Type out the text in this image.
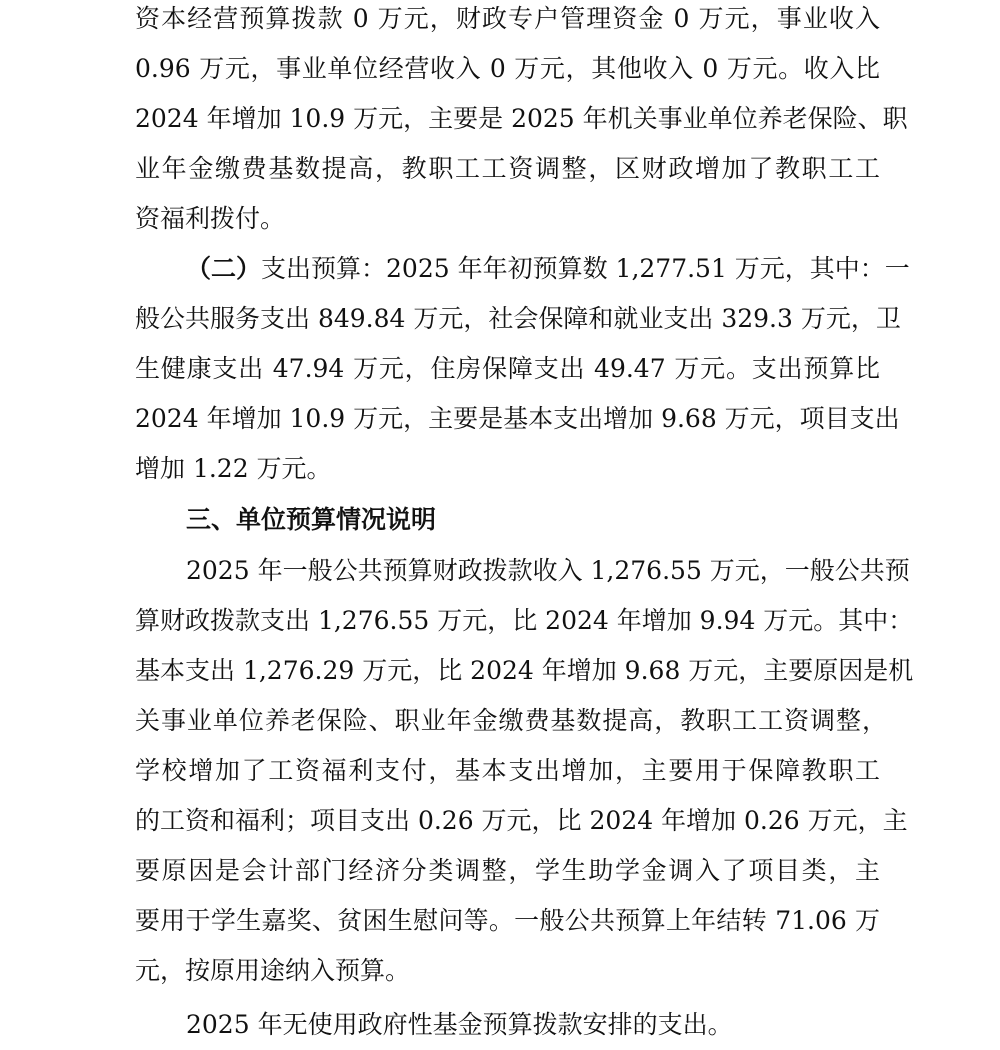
资本经营预算拨款 0 万元，财政专户管理资金 0 万元，事业收入
0.96 万元，事业单位经营收入 0 万元，其他收入 0 万元。收入比
2024 年增加 10.9 万元，主要是 2025 年机关事业单位养老保险、职
业年金缴费基数提高，教职工工资调整，区财政增加了教职工工
资福利拨付。
（二）支出预算：2025 年年初预算数 1,277.51 万元，其中：一
般公共服务支出 849.84 万元，社会保障和就业支出 329.3 万元，卫
生健康支出 47.94 万元，住房保障支出 49.47 万元。支出预算比
2024 年增加 10.9 万元，主要是基本支出增加 9.68 万元，项目支出
增加 1.22 万元。
三、单位预算情况说明
2025 年一般公共预算财政拨款收入 1,276.55 万元，一般公共预
算财政拨款支出 1,276.55 万元，比 2024 年增加 9.94 万元。其中：
基本支出 1,276.29 万元，比 2024 年增加 9.68 万元，主要原因是机
关事业单位养老保险、职业年金缴费基数提高，教职工工资调整，
学校增加了工资福利支付，基本支出增加，主要用于保障教职工
的工资和福利；项目支出 0.26 万元，比 2024 年增加 0.26 万元，主
要原因是会计部门经济分类调整，学生助学金调入了项目类，主
要用于学生嘉奖、贫困生慰问等。一般公共预算上年结转 71.06 万
元，按原用途纳入预算。
2025 年无使用政府性基金预算拨款安排的支出。
